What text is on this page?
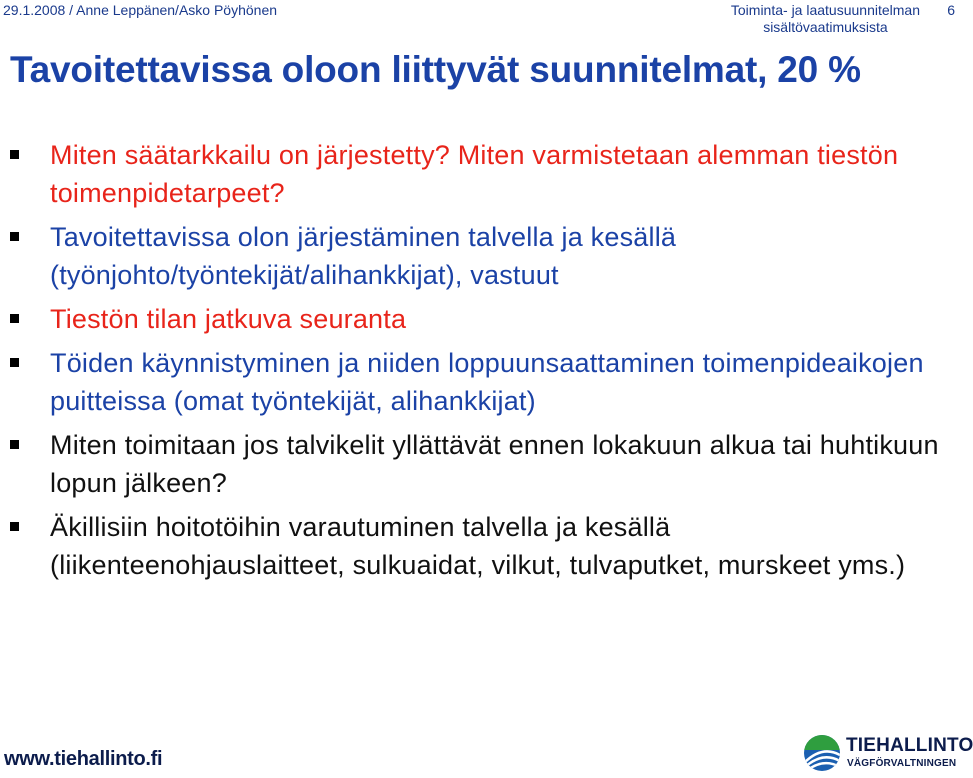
29.1.2008 / Anne Leppänen/Asko Pöyhönen	Toiminta- ja laatusuunnitelman
sisältövaatimuksista
6
Tavoitettavissa oloon liittyvät suunnitelmat, 20 %
Miten säätarkkailu on järjestetty? Miten varmistetaan alemman tiestön toimenpidetarpeet?
Tavoitettavissa olon järjestäminen talvella ja kesällä (työnjohto/työntekijät/alihankkijat), vastuut
Tiestön tilan jatkuva seuranta
Töiden käynnistyminen ja niiden loppuunsaattaminen toimenpideaikojen puitteissa (omat työntekijät, alihankkijat)
Miten toimitaan jos talvikelit yllättävät ennen lokakuun alkua tai huhtikuun lopun jälkeen?
Äkillisiin hoitotöihin varautuminen talvella ja kesällä (liikenteenohjauslaitteet, sulkuaidat, vilkut, tulvaputket, murskeet yms.)
www.tiehallinto.fi
TIEHALLINTO
VÄGFÖRVALTNINGEN
